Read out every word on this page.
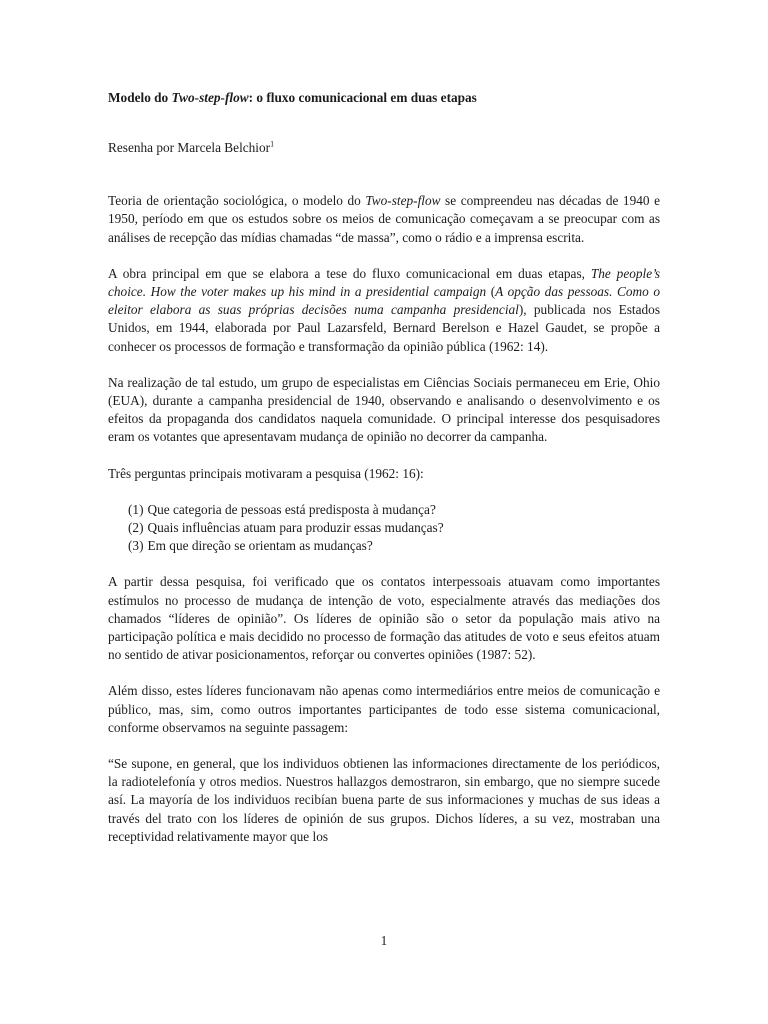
Modelo do Two-step-flow: o fluxo comunicacional em duas etapas

Resenha por Marcela Belchior$^1$

Teoria de orientação sociológica, o modelo do Two-step-flow se compreendeu nas décadas de 1940 e 1950, período em que os estudos sobre os meios de comunicação começavam a se preocupar com as análises de recepção das mídias chamadas “de massa”, como o rádio e a imprensa escrita.

A obra principal em que se elabora a tese do fluxo comunicacional em duas etapas, The people’s choice. How the voter makes up his mind in a presidential campaign (A opção das pessoas. Como o eleitor elabora as suas próprias decisões numa campanha presidencial), publicada nos Estados Unidos, em 1944, elaborada por Paul Lazarsfeld, Bernard Berelson e Hazel Gaudet, se propõe a conhecer os processos de formação e transformação da opinião pública (1962: 14).

Na realização de tal estudo, um grupo de especialistas em Ciências Sociais permaneceu em Erie, Ohio (EUA), durante a campanha presidencial de 1940, observando e analisando o desenvolvimento e os efeitos da propaganda dos candidatos naquela comunidade. O principal interesse dos pesquisadores eram os votantes que apresentavam mudança de opinião no decorrer da campanha.

Três perguntas principais motivaram a pesquisa (1962: 16):

(1) Que categoria de pessoas está predisposta à mudança?
(2) Quais influências atuam para produzir essas mudanças?
(3) Em que direção se orientam as mudanças?

A partir dessa pesquisa, foi verificado que os contatos interpessoais atuavam como importantes estímulos no processo de mudança de intenção de voto, especialmente através das mediações dos chamados “líderes de opinião”. Os líderes de opinião são o setor da população mais ativo na participação política e mais decidido no processo de formação das atitudes de voto e seus efeitos atuam no sentido de ativar posicionamentos, reforçar ou convertes opiniões (1987: 52).

Além disso, estes líderes funcionavam não apenas como intermediários entre meios de comunicação e público, mas, sim, como outros importantes participantes de todo esse sistema comunicacional, conforme observamos na seguinte passagem:

“Se supone, en general, que los individuos obtienen las informaciones directamente de los periódicos, la radiotelefonía y otros medios. Nuestros hallazgos demostraron, sin embargo, que no siempre sucede así. La mayoría de los individuos recibían buena parte de sus informaciones y muchas de sus ideas a través del trato con los líderes de opinión de sus grupos. Dichos líderes, a su vez, mostraban una receptividad relativamente mayor que los

1
